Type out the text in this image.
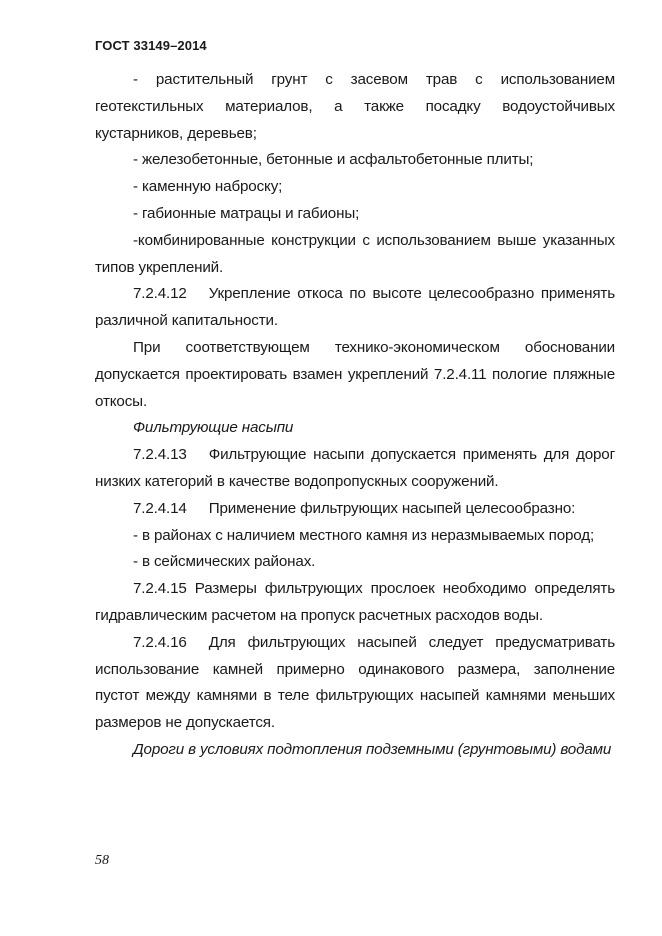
ГОСТ 33149–2014

- растительный грунт с засевом трав с использованием геотекстильных материалов, а также посадку водоустойчивых кустарников, деревьев;

- железобетонные, бетонные и асфальтобетонные плиты;

- каменную наброску;

- габионные матрацы и габионы;

-комбинированные конструкции с использованием выше указанных типов укреплений.

7.2.4.12 Укрепление откоса по высоте целесообразно применять различной капитальности.

При соответствующем технико-экономическом обосновании допускается проектировать взамен укреплений 7.2.4.11 пологие пляжные откосы.

Фильтрующие насыпи

7.2.4.13 Фильтрующие насыпи допускается применять для дорог низких категорий в качестве водопропускных сооружений.

7.2.4.14 Применение фильтрующих насыпей целесообразно:

- в районах с наличием местного камня из неразмываемых пород;

- в сейсмических районах.

7.2.4.15 Размеры фильтрующих прослоек необходимо определять гидравлическим расчетом на пропуск расчетных расходов воды.

7.2.4.16 Для фильтрующих насыпей следует предусматривать использование камней примерно одинакового размера, заполнение пустот между камнями в теле фильтрующих насыпей камнями меньших размеров не допускается.

Дороги в условиях подтопления подземными (грунтовыми) водами

58
